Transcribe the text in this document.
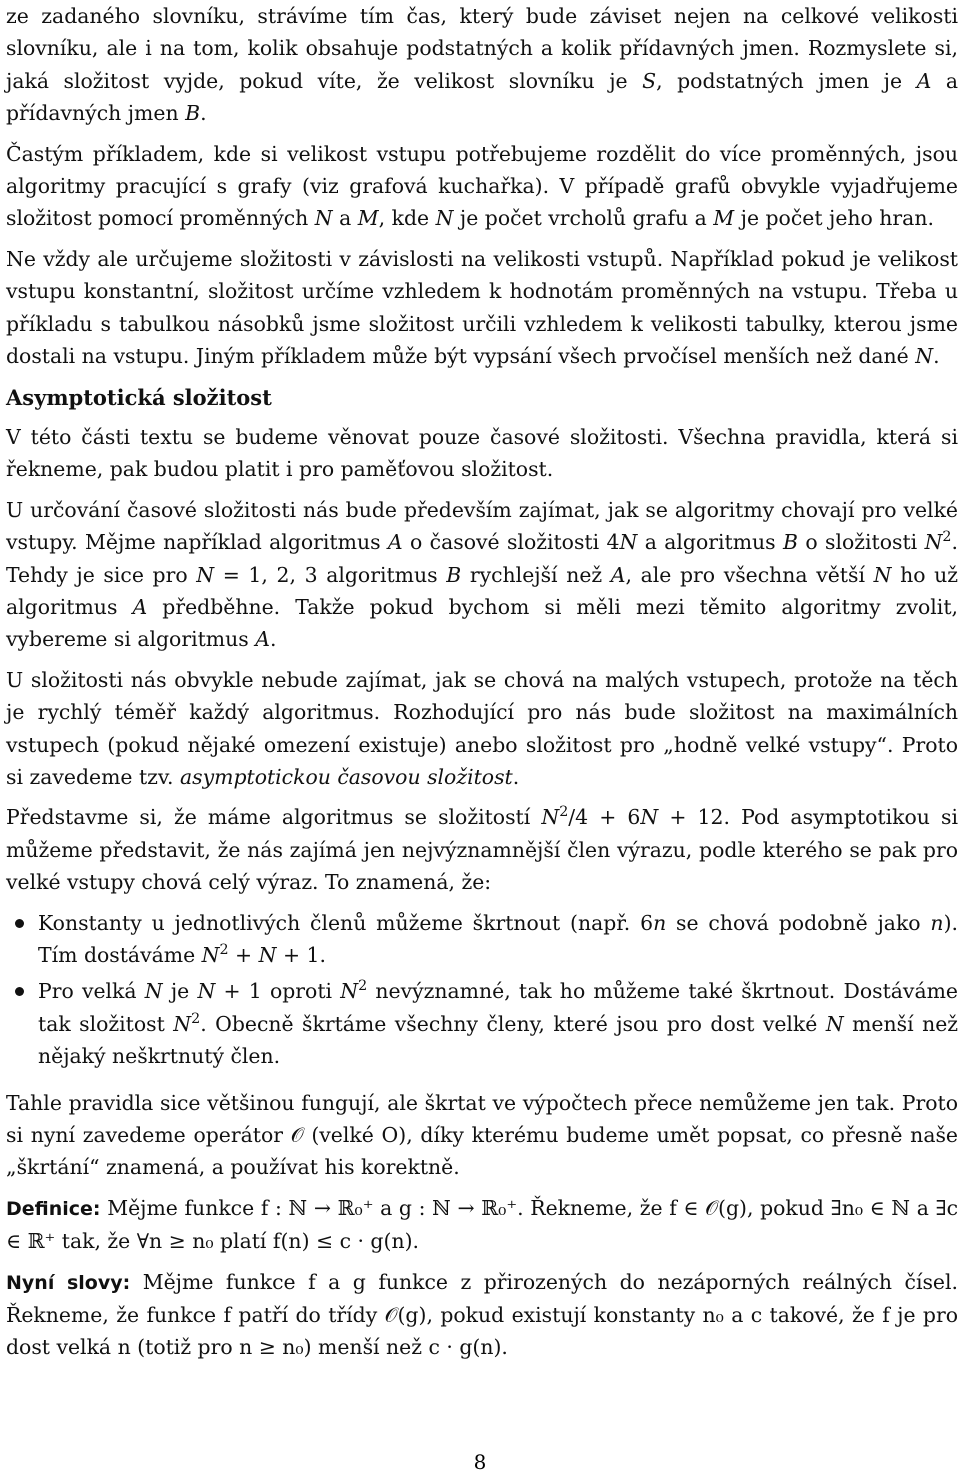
ze zadaného slovníku, strávíme tím čas, který bude záviset nejen na celkové velikosti slovníku, ale i na tom, kolik obsahuje podstatných a kolik přídavných jmen. Rozmyslete si, jaká složitost vyjde, pokud víte, že velikost slovníku je S, podstatných jmen je A a přídavných jmen B.

Častým příkladem, kde si velikost vstupu potřebujeme rozdělit do více proměnných, jsou algoritmy pracující s grafy (viz grafová kuchařka). V případě grafů obvykle vyjadřujeme složitost pomocí proměnných N a M, kde N je počet vrcholů grafu a M je počet jeho hran.

Ne vždy ale určujeme složitosti v závislosti na velikosti vstupů. Například pokud je velikost vstupu konstantní, složitost určíme vzhledem k hodnotám proměnných na vstupu. Třeba u příkladu s tabulkou násobků jsme složitost určili vzhledem k velikosti tabulky, kterou jsme dostali na vstupu. Jiným příkladem může být vypsání všech prvočísel menších než dané N.

Asymptotická složitost

V této části textu se budeme věnovat pouze časové složitosti. Všechna pravidla, která si řekneme, pak budou platit i pro paměťovou složitost.

U určování časové složitosti nás bude především zajímat, jak se algoritmy chovají pro velké vstupy. Mějme například algoritmus A o časové složitosti 4N a algoritmus B o složitosti $N^2$. Tehdy je sice pro N = 1, 2, 3 algoritmus B rychlejší než A, ale pro všechna větší N ho už algoritmus A předběhne. Takže pokud bychom si měli mezi těmito algoritmy zvolit, vybereme si algoritmus A.

U složitosti nás obvykle nebude zajímat, jak se chová na malých vstupech, protože na těch je rychlý téměř každý algoritmus. Rozhodující pro nás bude složitost na maximálních vstupech (pokud nějaké omezení existuje) anebo složitost pro „hodně velké vstupy“. Proto si zavedeme tzv. asymptotickou časovou složitost.

Představme si, že máme algoritmus se složitostí $N^2/4 + 6N + 12$. Pod asymptotikou si můžeme představit, že nás zajímá jen nejvýznamnější člen výrazu, podle kterého se pak pro velké vstupy chová celý výraz. To znamená, že:

Konstanty u jednotlivých členů můžeme škrtnout (např. 6n se chová podobně jako n). Tím dostáváme $N^2 + N + 1$.
Pro velká N je N + 1 oproti $N^2$ nevýznamné, tak ho můžeme také škrtnout. Dostáváme tak složitost $N^2$. Obecně škrtáme všechny členy, které jsou pro dost velké N menší než nějaký neškrtnutý člen.

Tahle pravidla sice většinou fungují, ale škrtat ve výpočtech přece nemůžeme jen tak. Proto si nyní zavedeme operátor 𝒪 (velké O), díky kterému budeme umět popsat, co přesně naše „škrtání“ znamená, a používat his korektně.

Definice: Mějme funkce f : ℕ → ℝ₀⁺ a g : ℕ → ℝ₀⁺. Řekneme, že f ∈ 𝒪(g), pokud ∃n₀ ∈ ℕ a ∃c ∈ ℝ⁺ tak, že ∀n ≥ n₀ platí f(n) ≤ c · g(n).

Nyní slovy: Mějme funkce f a g funkce z přirozených do nezáporných reálných čísel. Řekneme, že funkce f patří do třídy 𝒪(g), pokud existují konstanty n₀ a c takové, že f je pro dost velká n (totiž pro n ≥ n₀) menší než c · g(n).

8
